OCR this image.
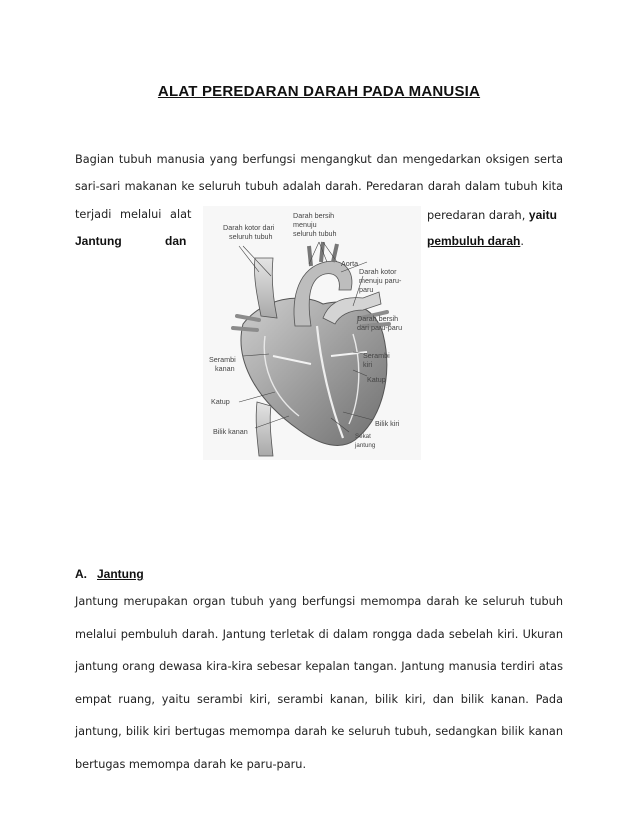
ALAT PEREDARAN DARAH PADA MANUSIA
Bagian tubuh manusia yang berfungsi mengangkut dan mengedarkan oksigen serta
sari-sari makanan ke seluruh tubuh adalah darah. Peredaran darah dalam tubuh kita
terjadi melalui alat	peredaran darah, yaitu
Jantung	dan	pembuluh darah.
Darah kotor dari
seluruh tubuh
Darah bersih
menuju
seluruh tubuh
Aorta
Darah kotor
menuju paru-
paru
Darah bersih
dari paru-paru
Serambi
kanan
Serambi
kiri
Katup
Katup
Bilik kanan
Bilik kiri
Sekat
jantung
A. Jantung
Jantung merupakan organ tubuh yang berfungsi memompa darah ke seluruh tubuh
melalui pembuluh darah. Jantung terletak di dalam rongga dada sebelah kiri. Ukuran
jantung orang dewasa kira-kira sebesar kepalan tangan. Jantung manusia terdiri atas
empat ruang, yaitu serambi kiri, serambi kanan, bilik kiri, dan bilik kanan. Pada
jantung, bilik kiri bertugas memompa darah ke seluruh tubuh, sedangkan bilik kanan
bertugas memompa darah ke paru-paru.
